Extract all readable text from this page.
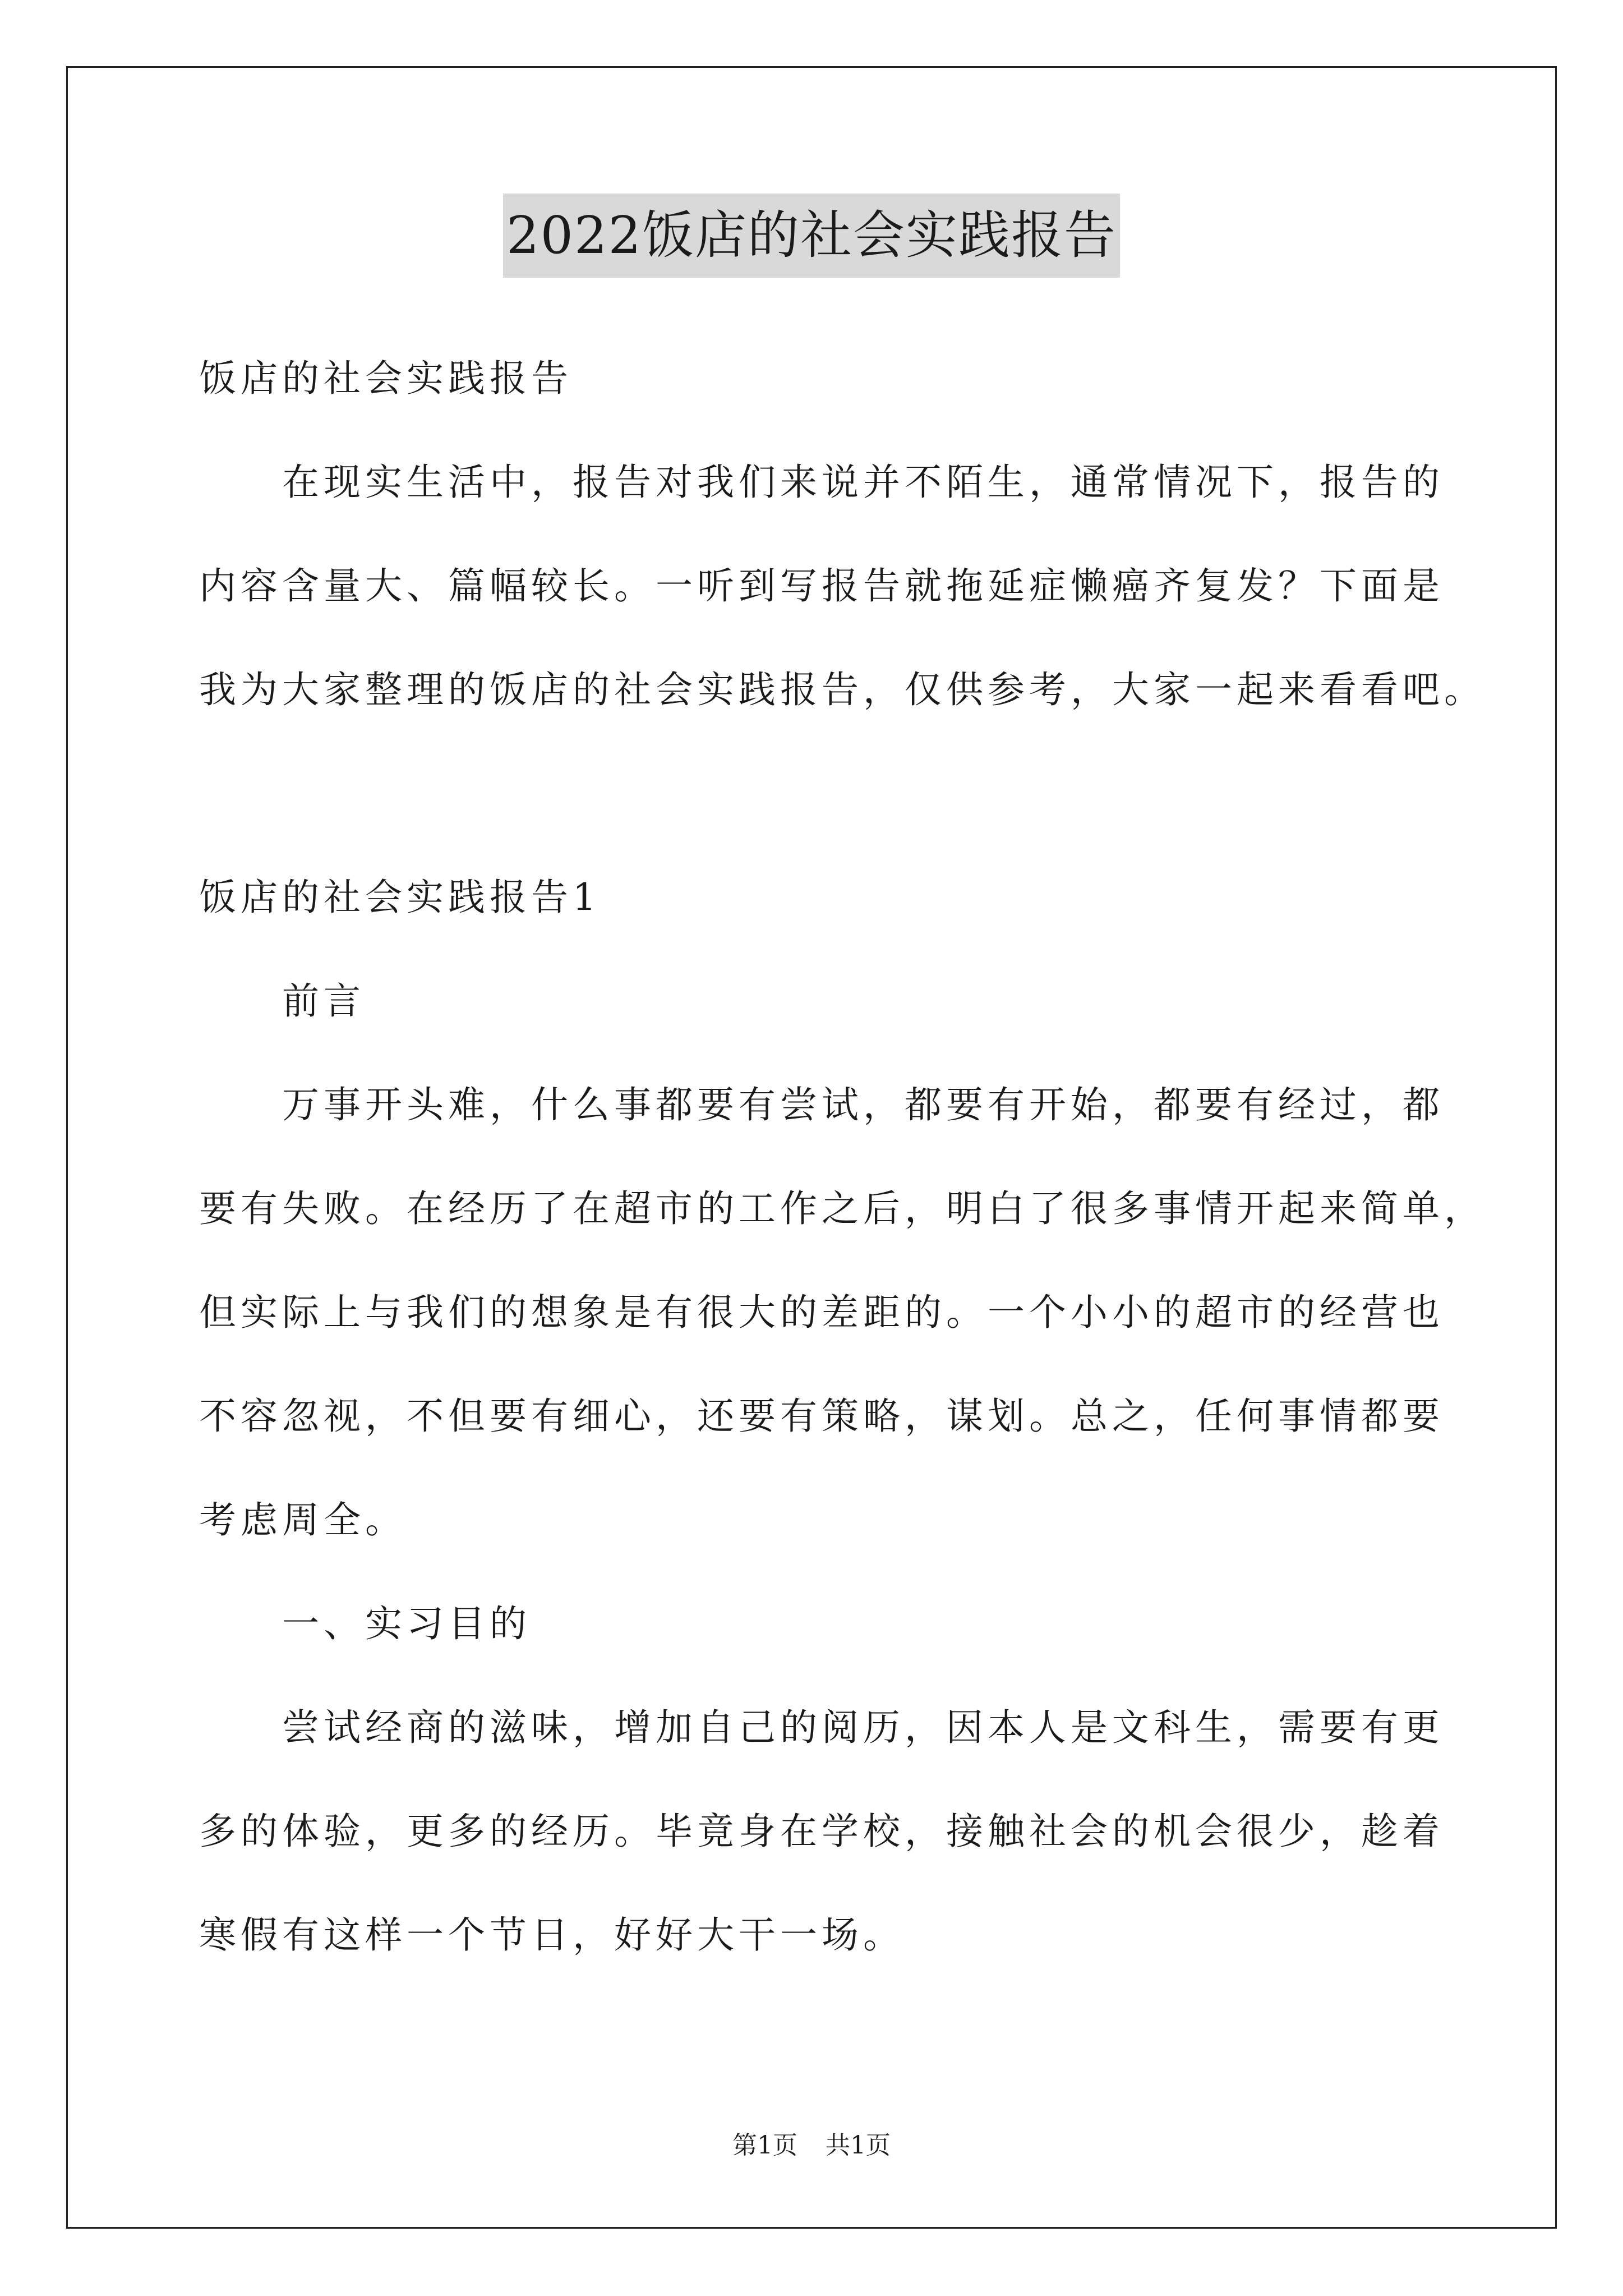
2022饭店的社会实践报告
饭店的社会实践报告
在现实生活中，报告对我们来说并不陌生，通常情况下，报告的
内容含量大、篇幅较长。一听到写报告就拖延症懒癌齐复发？下面是
我为大家整理的饭店的社会实践报告，仅供参考，大家一起来看看吧。
饭店的社会实践报告1
前言
万事开头难，什么事都要有尝试，都要有开始，都要有经过，都
要有失败。在经历了在超市的工作之后，明白了很多事情开起来简单，
但实际上与我们的想象是有很大的差距的。一个小小的超市的经营也
不容忽视，不但要有细心，还要有策略，谋划。总之，任何事情都要
考虑周全。
一、实习目的
尝试经商的滋味，增加自己的阅历，因本人是文科生，需要有更
多的体验，更多的经历。毕竟身在学校，接触社会的机会很少，趁着
寒假有这样一个节日，好好大干一场。
第1页 共1页
